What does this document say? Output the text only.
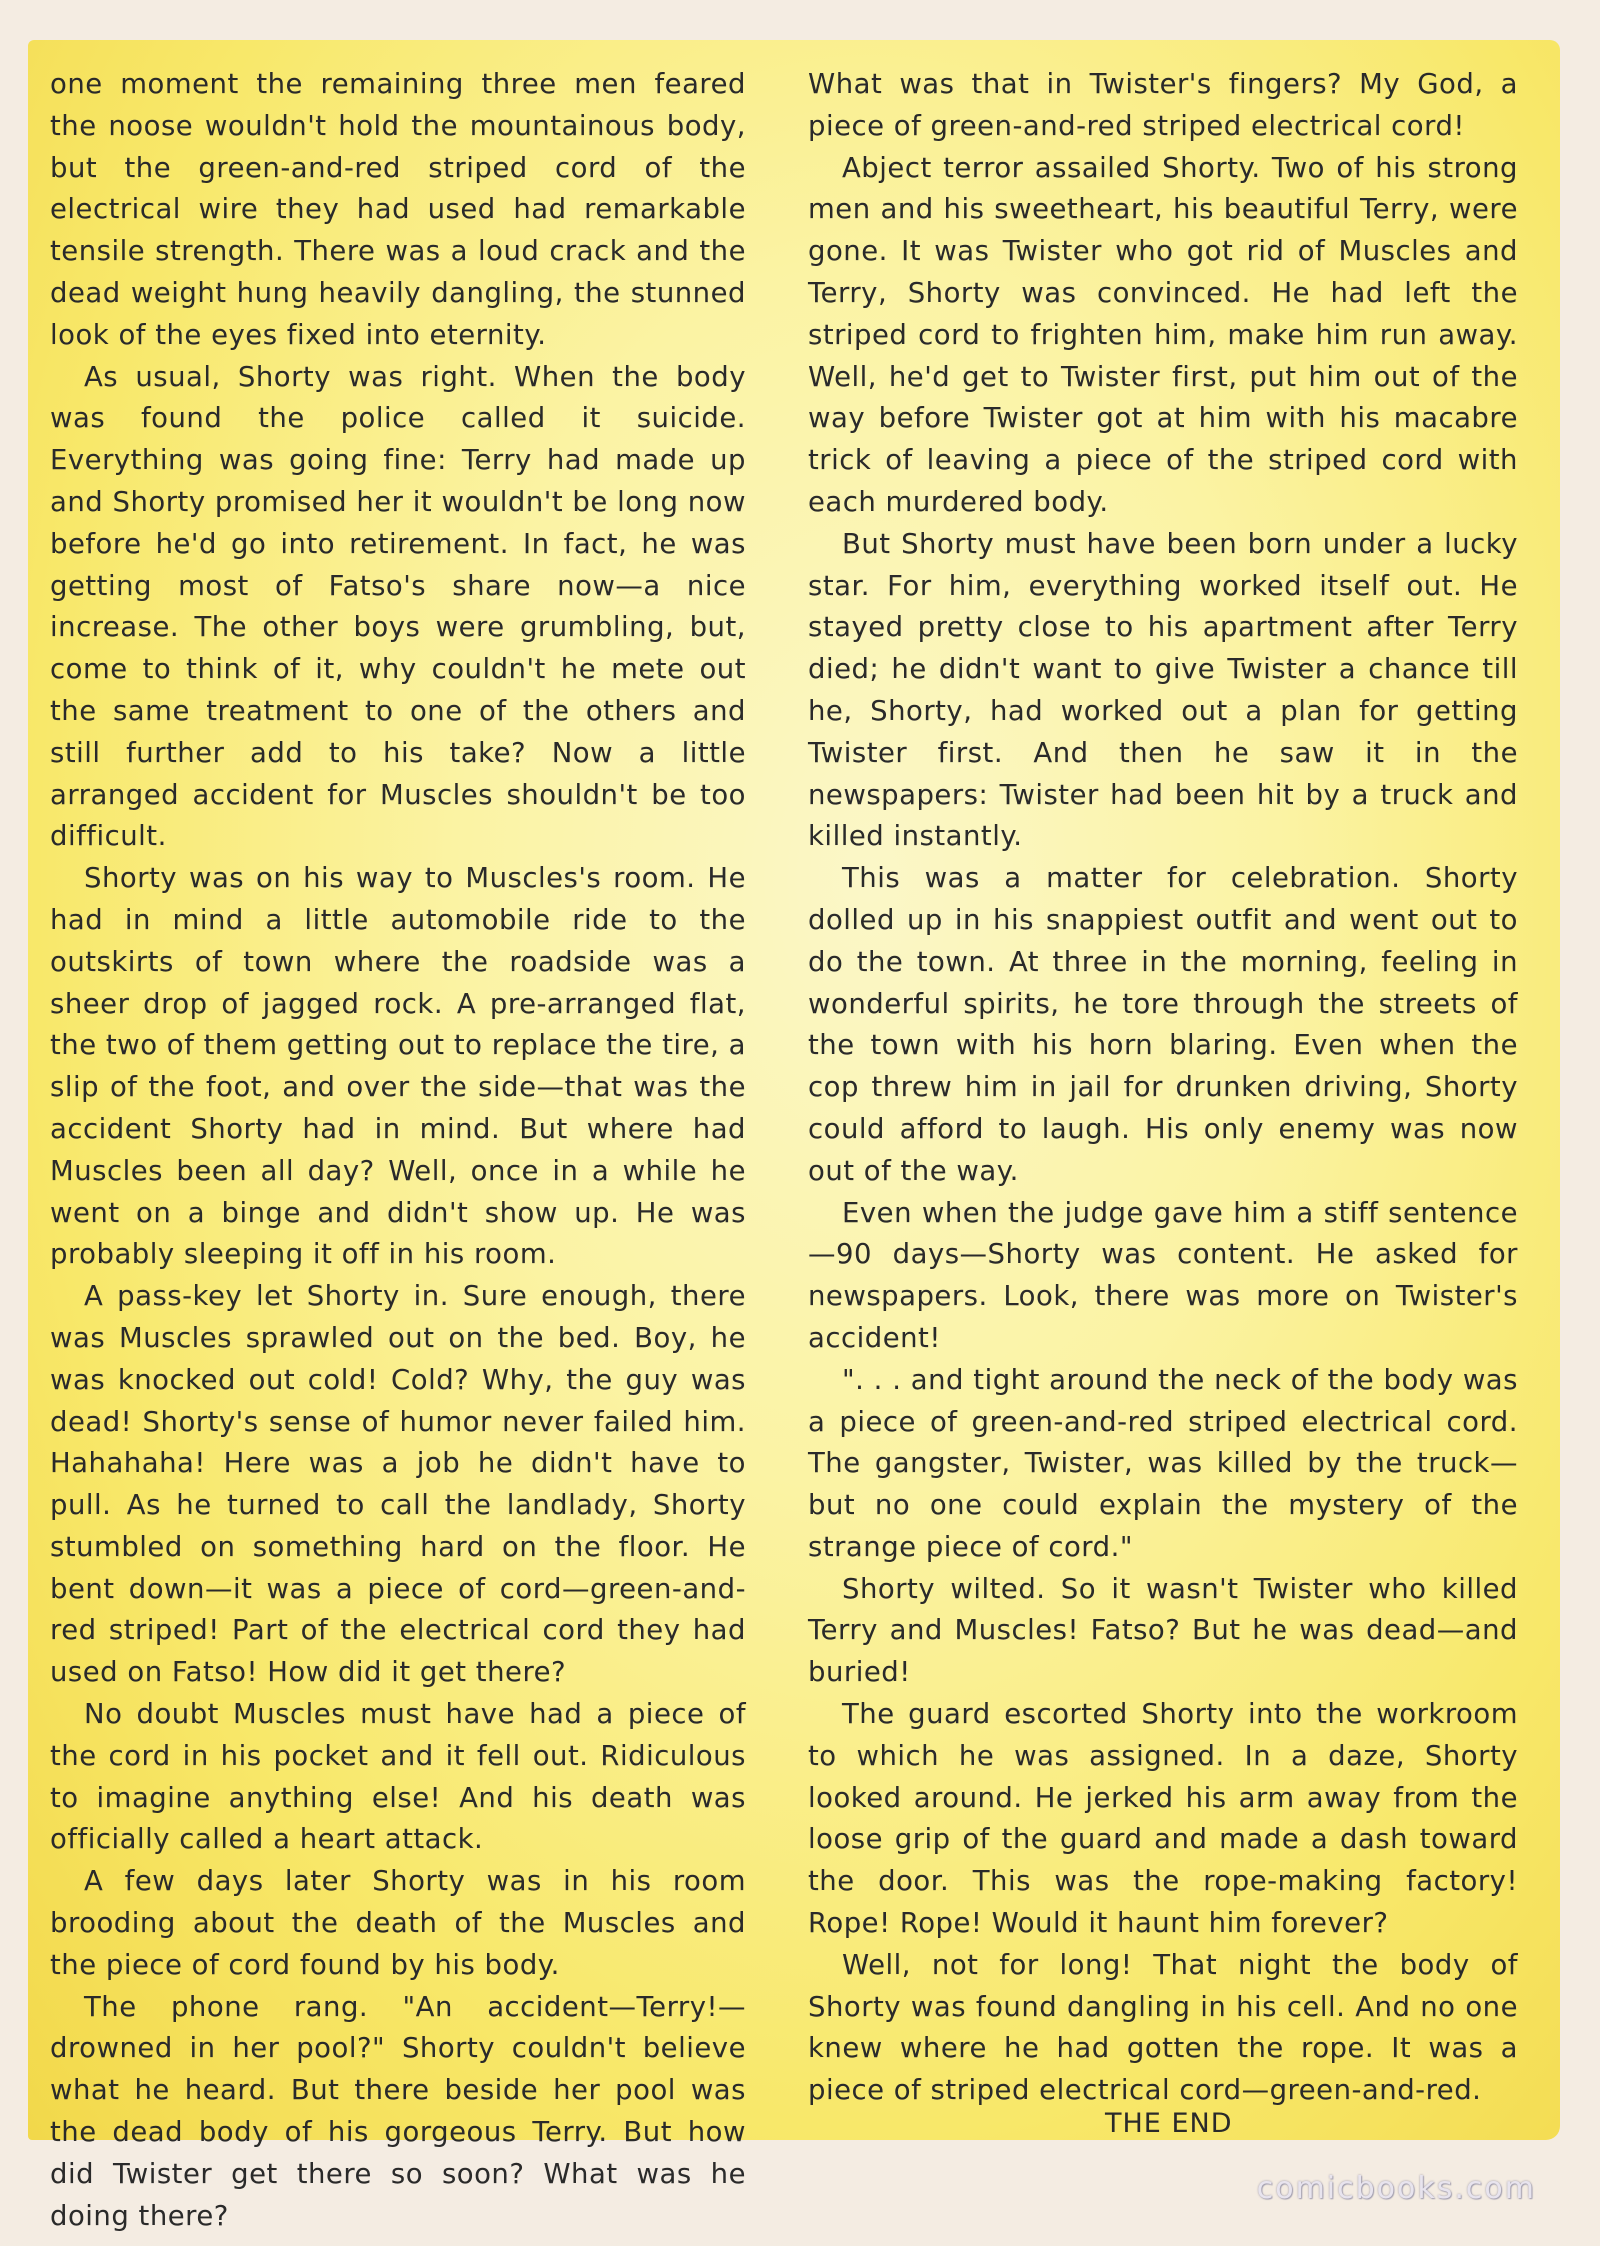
one moment the remaining three men feared the noose wouldn't hold the mountainous body, but the green-and-red striped cord of the electrical wire they had used had remarkable tensile strength. There was a loud crack and the dead weight hung heavily dangling, the stunned look of the eyes fixed into eternity.

As usual, Shorty was right. When the body was found the police called it suicide. Everything was going fine: Terry had made up and Shorty promised her it wouldn't be long now before he'd go into retirement. In fact, he was getting most of Fatso's share now—a nice increase. The other boys were grumbling, but, come to think of it, why couldn't he mete out the same treatment to one of the others and still further add to his take? Now a little arranged accident for Muscles shouldn't be too difficult.

Shorty was on his way to Muscles's room. He had in mind a little automobile ride to the outskirts of town where the roadside was a sheer drop of jagged rock. A pre-arranged flat, the two of them getting out to replace the tire, a slip of the foot, and over the side—that was the accident Shorty had in mind. But where had Muscles been all day? Well, once in a while he went on a binge and didn't show up. He was probably sleeping it off in his room.

A pass-key let Shorty in. Sure enough, there was Muscles sprawled out on the bed. Boy, he was knocked out cold! Cold? Why, the guy was dead! Shorty's sense of humor never failed him. Hahahaha! Here was a job he didn't have to pull. As he turned to call the landlady, Shorty stumbled on something hard on the floor. He bent down—it was a piece of cord—green-and-red striped! Part of the electrical cord they had used on Fatso! How did it get there?

No doubt Muscles must have had a piece of the cord in his pocket and it fell out. Ridiculous to imagine anything else! And his death was officially called a heart attack.

A few days later Shorty was in his room brooding about the death of the Muscles and the piece of cord found by his body.

The phone rang. "An accident—Terry!—drowned in her pool?" Shorty couldn't believe what he heard. But there beside her pool was the dead body of his gorgeous Terry. But how did Twister get there so soon? What was he doing there?

What was that in Twister's fingers? My God, a piece of green-and-red striped electrical cord!

Abject terror assailed Shorty. Two of his strong men and his sweetheart, his beautiful Terry, were gone. It was Twister who got rid of Muscles and Terry, Shorty was convinced. He had left the striped cord to frighten him, make him run away. Well, he'd get to Twister first, put him out of the way before Twister got at him with his macabre trick of leaving a piece of the striped cord with each murdered body.

But Shorty must have been born under a lucky star. For him, everything worked itself out. He stayed pretty close to his apartment after Terry died; he didn't want to give Twister a chance till he, Shorty, had worked out a plan for getting Twister first. And then he saw it in the newspapers: Twister had been hit by a truck and killed instantly.

This was a matter for celebration. Shorty dolled up in his snappiest outfit and went out to do the town. At three in the morning, feeling in wonderful spirits, he tore through the streets of the town with his horn blaring. Even when the cop threw him in jail for drunken driving, Shorty could afford to laugh. His only enemy was now out of the way.

Even when the judge gave him a stiff sentence —90 days—Shorty was content. He asked for newspapers. Look, there was more on Twister's accident!

". . . and tight around the neck of the body was a piece of green-and-red striped electrical cord. The gangster, Twister, was killed by the truck—but no one could explain the mystery of the strange piece of cord."

Shorty wilted. So it wasn't Twister who killed Terry and Muscles! Fatso? But he was dead—and buried!

The guard escorted Shorty into the workroom to which he was assigned. In a daze, Shorty looked around. He jerked his arm away from the loose grip of the guard and made a dash toward the door. This was the rope-making factory! Rope! Rope! Would it haunt him forever?

Well, not for long! That night the body of Shorty was found dangling in his cell. And no one knew where he had gotten the rope. It was a piece of striped electrical cord—green-and-red.

THE END
comicbooks.com
